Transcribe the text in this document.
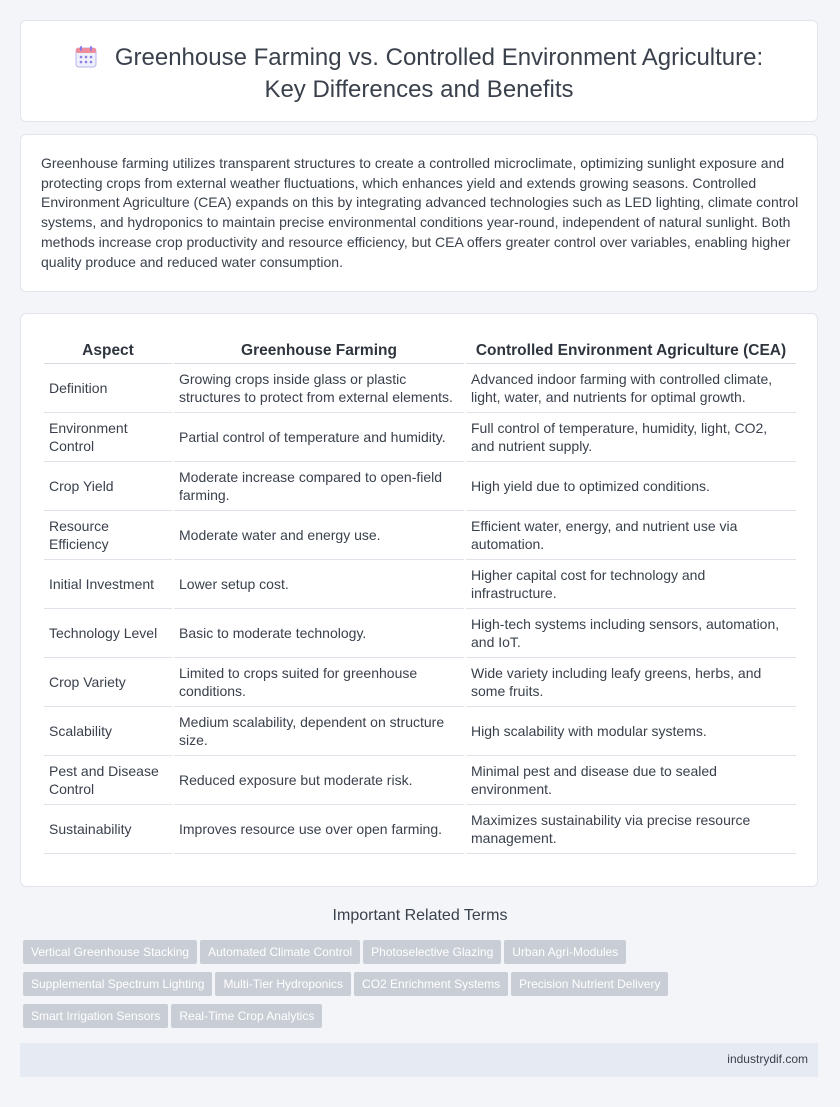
Greenhouse Farming vs. Controlled Environment Agriculture: Key Differences and Benefits

Greenhouse farming utilizes transparent structures to create a controlled microclimate, optimizing sunlight exposure and protecting crops from external weather fluctuations, which enhances yield and extends growing seasons. Controlled Environment Agriculture (CEA) expands on this by integrating advanced technologies such as LED lighting, climate control systems, and hydroponics to maintain precise environmental conditions year-round, independent of natural sunlight. Both methods increase crop productivity and resource efficiency, but CEA offers greater control over variables, enabling higher quality produce and reduced water consumption.

Aspect	Greenhouse Farming	Controlled Environment Agriculture (CEA)
Definition	Growing crops inside glass or plastic structures to protect from external elements.	Advanced indoor farming with controlled climate, light, water, and nutrients for optimal growth.
Environment Control	Partial control of temperature and humidity.	Full control of temperature, humidity, light, CO2, and nutrient supply.
Crop Yield	Moderate increase compared to open-field farming.	High yield due to optimized conditions.
Resource Efficiency	Moderate water and energy use.	Efficient water, energy, and nutrient use via automation.
Initial Investment	Lower setup cost.	Higher capital cost for technology and infrastructure.
Technology Level	Basic to moderate technology.	High-tech systems including sensors, automation, and IoT.
Crop Variety	Limited to crops suited for greenhouse conditions.	Wide variety including leafy greens, herbs, and some fruits.
Scalability	Medium scalability, dependent on structure size.	High scalability with modular systems.
Pest and Disease Control	Reduced exposure but moderate risk.	Minimal pest and disease due to sealed environment.
Sustainability	Improves resource use over open farming.	Maximizes sustainability via precise resource management.
Important Related Terms
Vertical Greenhouse Stacking Automated Climate Control Photoselective Glazing Urban Agri-Modules
Supplemental Spectrum Lighting Multi-Tier Hydroponics CO2 Enrichment Systems Precision Nutrient Delivery
Smart Irrigation Sensors Real-Time Crop Analytics
industrydif.com
